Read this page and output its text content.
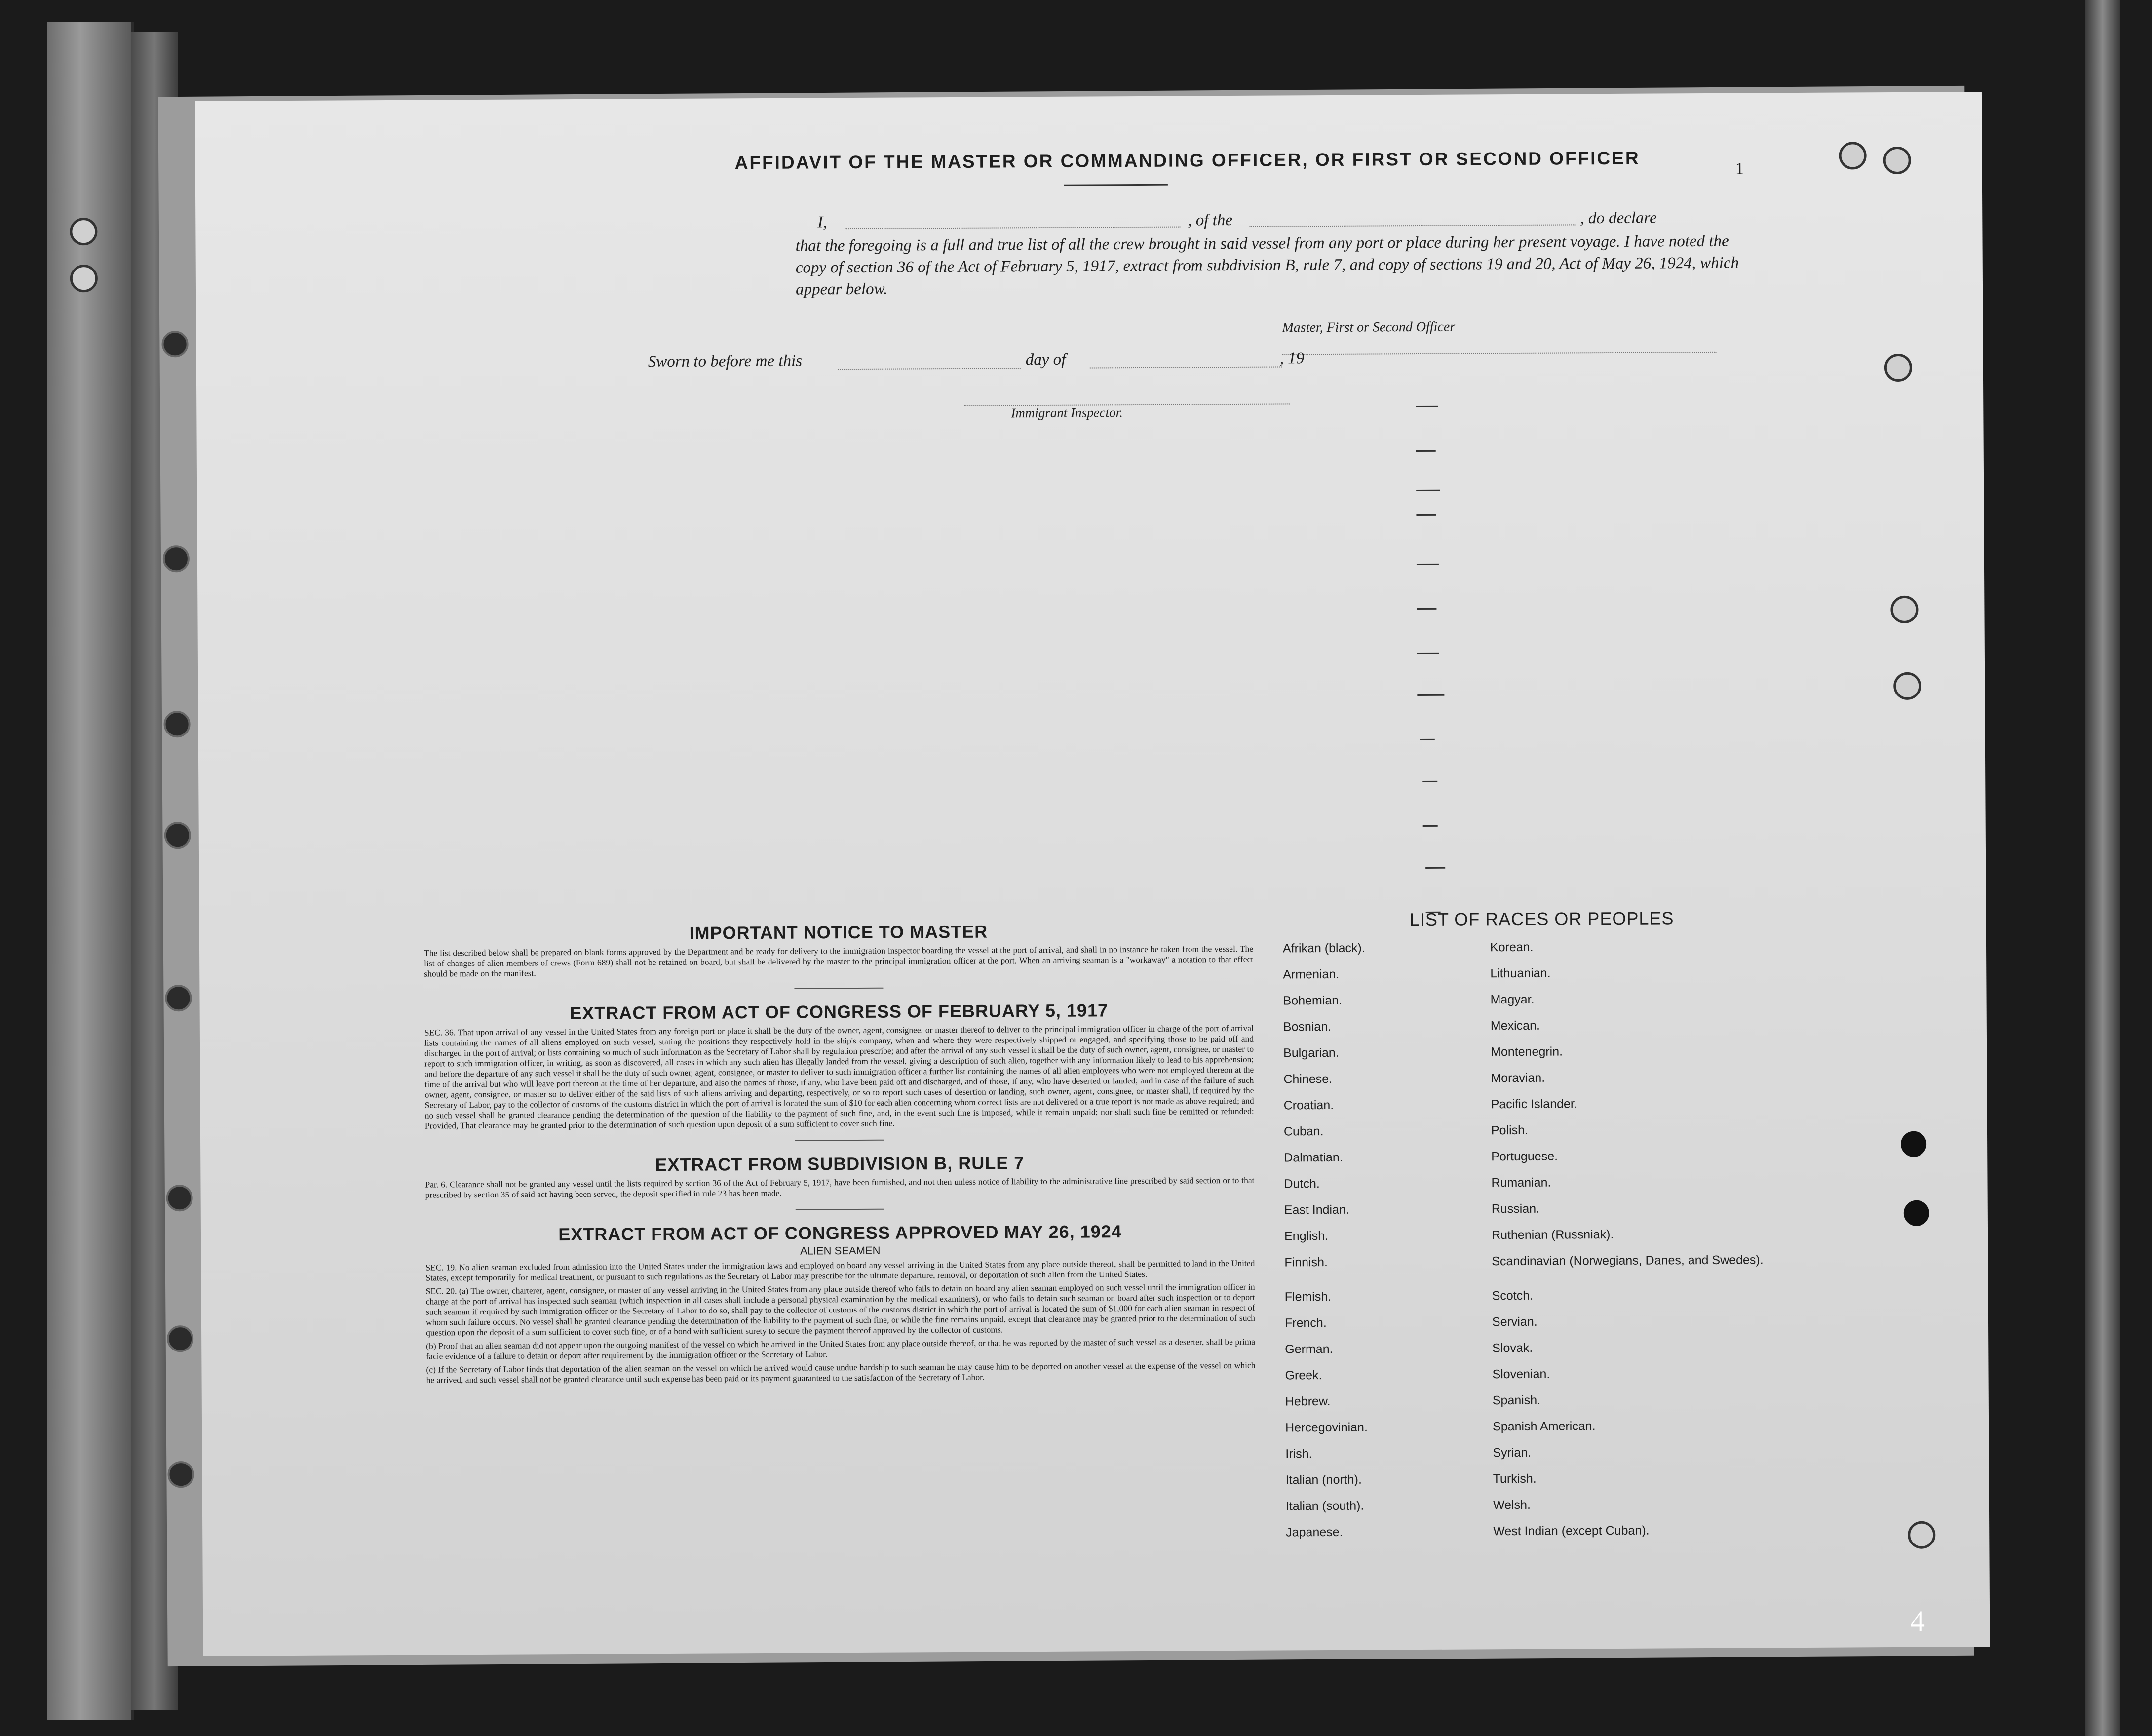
AFFIDAVIT OF THE MASTER OR COMMANDING OFFICER, OR FIRST OR SECOND OFFICER	1
I,	, of the	, do declare
that the foregoing is a full and true list of all the crew brought in said vessel from any port or place during her present voyage. I have noted the copy of section 36 of the Act of February 5, 1917, extract from subdivision B, rule 7, and copy of sections 19 and 20, Act of May 26, 1924, which appear below.
Master, First or Second Officer
Sworn to before me this	day of	, 19
Immigrant Inspector.
IMPORTANT NOTICE TO MASTER

The list described below shall be prepared on blank forms approved by the Department and be ready for delivery to the immigration inspector boarding the vessel at the port of arrival, and shall in no instance be taken from the vessel. The list of changes of alien members of crews (Form 689) shall not be retained on board, but shall be delivered by the master to the principal immigration officer at the port. When an arriving seaman is a "workaway" a notation to that effect should be made on the manifest.

EXTRACT FROM ACT OF CONGRESS OF FEBRUARY 5, 1917

SEC. 36. That upon arrival of any vessel in the United States from any foreign port or place it shall be the duty of the owner, agent, consignee, or master thereof to deliver to the principal immigration officer in charge of the port of arrival lists containing the names of all aliens employed on such vessel, stating the positions they respectively hold in the ship's company, when and where they were respectively shipped or engaged, and specifying those to be paid off and discharged in the port of arrival; or lists containing so much of such information as the Secretary of Labor shall by regulation prescribe; and after the arrival of any such vessel it shall be the duty of such owner, agent, consignee, or master to report to such immigration officer, in writing, as soon as discovered, all cases in which any such alien has illegally landed from the vessel, giving a description of such alien, together with any information likely to lead to his apprehension; and before the departure of any such vessel it shall be the duty of such owner, agent, consignee, or master to deliver to such immigration officer a further list containing the names of all alien employees who were not employed thereon at the time of the arrival but who will leave port thereon at the time of her departure, and also the names of those, if any, who have been paid off and discharged, and of those, if any, who have deserted or landed; and in case of the failure of such owner, agent, consignee, or master so to deliver either of the said lists of such aliens arriving and departing, respectively, or so to report such cases of desertion or landing, such owner, agent, consignee, or master shall, if required by the Secretary of Labor, pay to the collector of customs of the customs district in which the port of arrival is located the sum of $10 for each alien concerning whom correct lists are not delivered or a true report is not made as above required; and no such vessel shall be granted clearance pending the determination of the question of the liability to the payment of such fine, and, in the event such fine is imposed, while it remain unpaid; nor shall such fine be remitted or refunded: Provided, That clearance may be granted prior to the determination of such question upon deposit of a sum sufficient to cover such fine.

EXTRACT FROM SUBDIVISION B, RULE 7

Par. 6. Clearance shall not be granted any vessel until the lists required by section 36 of the Act of February 5, 1917, have been furnished, and not then unless notice of liability to the administrative fine prescribed by said section or to that prescribed by section 35 of said act having been served, the deposit specified in rule 23 has been made.

EXTRACT FROM ACT OF CONGRESS APPROVED MAY 26, 1924
ALIEN SEAMEN

SEC. 19. No alien seaman excluded from admission into the United States under the immigration laws and employed on board any vessel arriving in the United States from any place outside thereof, shall be permitted to land in the United States, except temporarily for medical treatment, or pursuant to such regulations as the Secretary of Labor may prescribe for the ultimate departure, removal, or deportation of such alien from the United States.

SEC. 20. (a) The owner, charterer, agent, consignee, or master of any vessel arriving in the United States from any place outside thereof who fails to detain on board any alien seaman employed on such vessel until the immigration officer in charge at the port of arrival has inspected such seaman (which inspection in all cases shall include a personal physical examination by the medical examiners), or who fails to detain such seaman on board after such inspection or to deport such seaman if required by such immigration officer or the Secretary of Labor to do so, shall pay to the collector of customs of the customs district in which the port of arrival is located the sum of $1,000 for each alien seaman in respect of whom such failure occurs. No vessel shall be granted clearance pending the determination of the liability to the payment of such fine, or while the fine remains unpaid, except that clearance may be granted prior to the determination of such question upon the deposit of a sum sufficient to cover such fine, or of a bond with sufficient surety to secure the payment thereof approved by the collector of customs.

(b) Proof that an alien seaman did not appear upon the outgoing manifest of the vessel on which he arrived in the United States from any place outside thereof, or that he was reported by the master of such vessel as a deserter, shall be prima facie evidence of a failure to detain or deport after requirement by the immigration officer or the Secretary of Labor.

(c) If the Secretary of Labor finds that deportation of the alien seaman on the vessel on which he arrived would cause undue hardship to such seaman he may cause him to be deported on another vessel at the expense of the vessel on which he arrived, and such vessel shall not be granted clearance until such expense has been paid or its payment guaranteed to the satisfaction of the Secretary of Labor.

LIST OF RACES OR PEOPLES
Afrikan (black).
Armenian.
Bohemian.
Bosnian.
Bulgarian.
Chinese.
Croatian.
Cuban.
Dalmatian.
Dutch.
East Indian.
English.
Finnish.
Flemish.
French.
German.
Greek.
Hebrew.
Hercegovinian.
Irish.
Italian (north).
Italian (south).
Japanese.
Korean.
Lithuanian.
Magyar.
Mexican.
Montenegrin.
Moravian.
Pacific Islander.
Polish.
Portuguese.
Rumanian.
Russian.
Ruthenian (Russniak).
Scandinavian (Norwegians, Danes, and Swedes).
Scotch.
Servian.
Slovak.
Slovenian.
Spanish.
Spanish American.
Syrian.
Turkish.
Welsh.
West Indian (except Cuban).
4
